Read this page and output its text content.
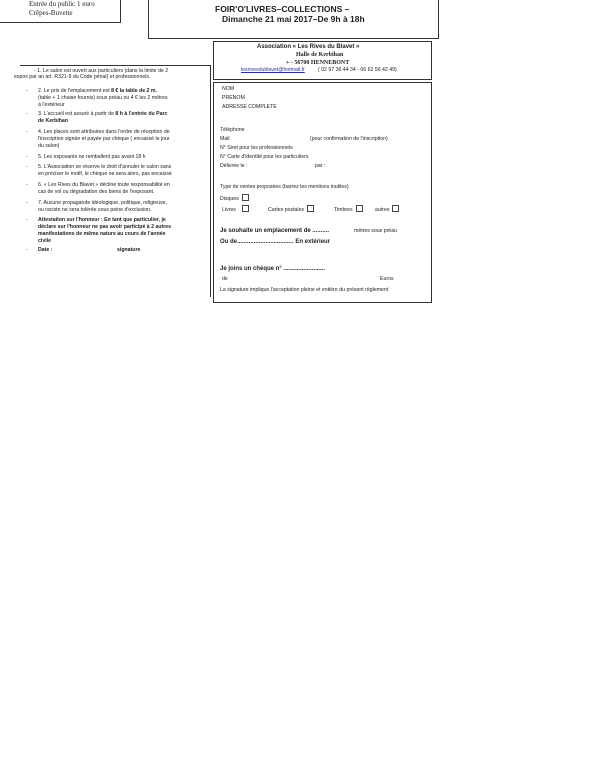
Entrée du public 1 euro
Crêpes-Buvette	FOIR'O'LIVRES–COLLECTIONS –
Dimanche 21 mai 2017–De 9h à 18h
Association « Les Rives du Blavet »
Halle de Kerbihan
+ - 56700 HENNEBONT
lesrivesdublavet@hotmail.fr	( 02 97 36 44 34 - 06 62 56 42 49)
- 1. Le salon est ouvert aux particuliers (dans la limite de 2
expos par an art. R321-9 du Code pénal) et professionnels.
- 2. Le prix de l'emplacement est 8 € la table de 2 m.
(table + 1 chaise fournis) sous préau ou 4 € les 2 mètres
à l'extérieur
- 3. L'accueil est assuré à partir de 8 h à l'entrée du Parc
de Kerbihan
- 4. Les places sont attribuées dans l'ordre de réception de
l'inscription signée et payée par chèque ( encaissé le jour
du salon)
- 5. Les exposants ne remballent pas avant 18 h
- 5. L'Association se réserve le droit d'annuler le salon sans
en préciser le motif, le chèque ne sera alors, pas encaissé
- 6. « Les Rives du Blavet » décline toute responsabilité en
cas de vol ou dégradation des biens de l'exposant.
- 7. Aucune propagande idéologique, politique, religieuse,
ou raciste ne sera tolérée sous peine d'exclusion.
- Attestation sur l'honneur : En tant que particulier, je
déclare sur l'honneur ne pas avoir participé à 2 autres
manifestations de même nature au cours de l'année
civile
- Date :	signature
NOM
PRENOM
ADRESSE COMPLETE
Téléphone
Mail	(pour confirmation de l'inscription)
N° Siret pour les professionnels
N° Carte d'identité pour les particuliers
Délivrée le :	par :
Type de ventes proposées (barrez les mentions inutiles)
Disques
Livres	Cartes postales	Timbres	autres
Je souhaite un emplacement de ..........	mètres sous préau
Ou de.................................. En extérieur
Je joins un chèque n° .........................
de	Euros
La signature implique l'acceptation pleine et entière du présent règlement
